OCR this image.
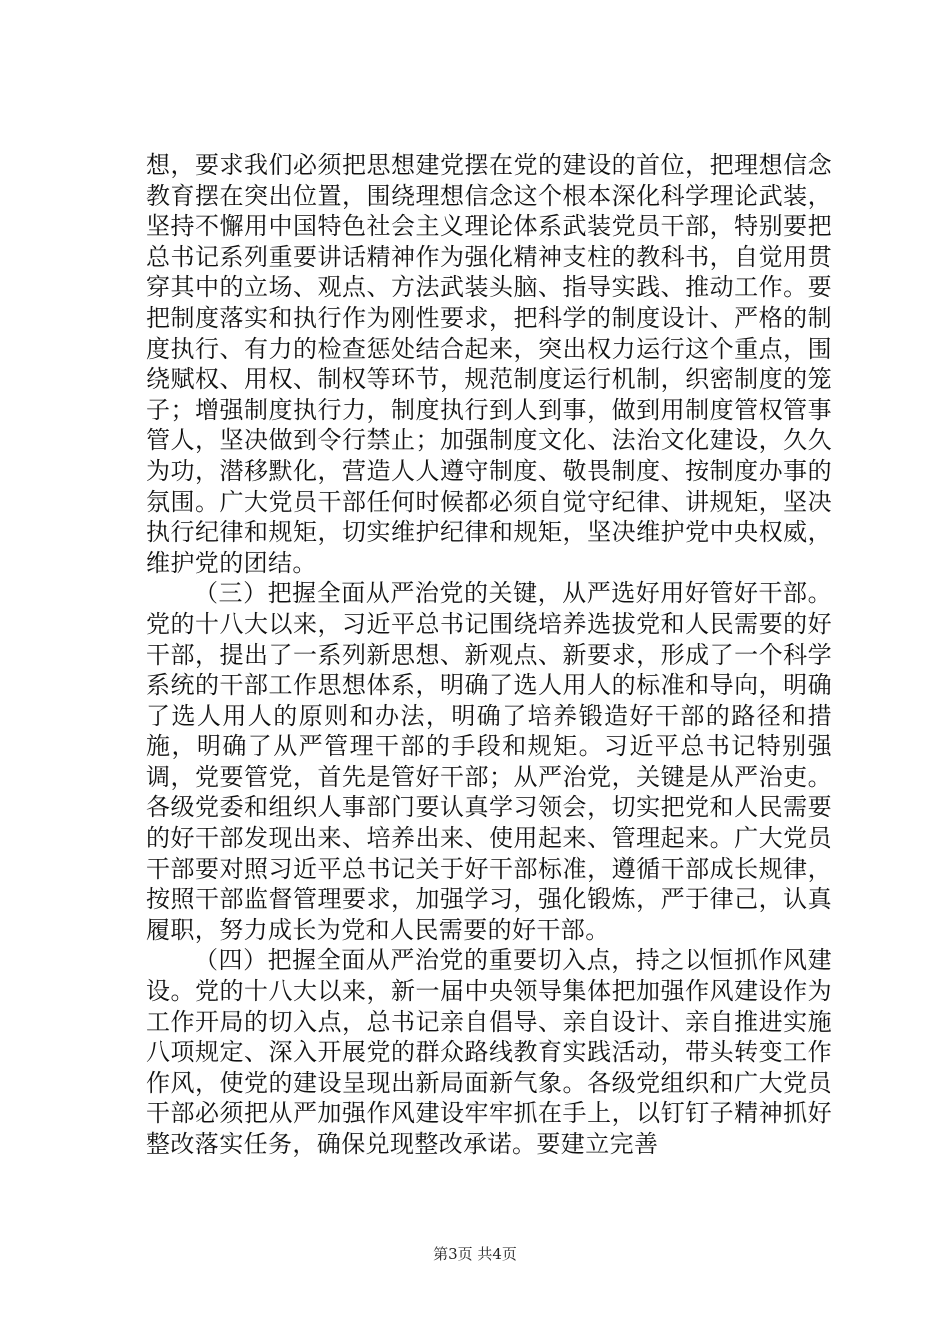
想，要求我们必须把思想建党摆在党的建设的首位，把理想信念教育摆在突出位置，围绕理想信念这个根本深化科学理论武装，坚持不懈用中国特色社会主义理论体系武装党员干部，特别要把总书记系列重要讲话精神作为强化精神支柱的教科书，自觉用贯穿其中的立场、观点、方法武装头脑、指导实践、推动工作。要把制度落实和执行作为刚性要求，把科学的制度设计、严格的制度执行、有力的检查惩处结合起来，突出权力运行这个重点，围绕赋权、用权、制权等环节，规范制度运行机制，织密制度的笼子；增强制度执行力，制度执行到人到事，做到用制度管权管事管人，坚决做到令行禁止；加强制度文化、法治文化建设，久久为功，潜移默化，营造人人遵守制度、敬畏制度、按制度办事的氛围。广大党员干部任何时候都必须自觉守纪律、讲规矩，坚决执行纪律和规矩，切实维护纪律和规矩，坚决维护党中央权威，维护党的团结。

（三）把握全面从严治党的关键，从严选好用好管好干部。党的十八大以来，习近平总书记围绕培养选拔党和人民需要的好干部，提出了一系列新思想、新观点、新要求，形成了一个科学系统的干部工作思想体系，明确了选人用人的标准和导向，明确了选人用人的原则和办法，明确了培养锻造好干部的路径和措施，明确了从严管理干部的手段和规矩。习近平总书记特别强调，党要管党，首先是管好干部；从严治党，关键是从严治吏。各级党委和组织人事部门要认真学习领会，切实把党和人民需要的好干部发现出来、培养出来、使用起来、管理起来。广大党员干部要对照习近平总书记关于好干部标准，遵循干部成长规律，按照干部监督管理要求，加强学习，强化锻炼，严于律己，认真履职，努力成长为党和人民需要的好干部。

（四）把握全面从严治党的重要切入点，持之以恒抓作风建设。党的十八大以来，新一届中央领导集体把加强作风建设作为工作开局的切入点，总书记亲自倡导、亲自设计、亲自推进实施八项规定、深入开展党的群众路线教育实践活动，带头转变工作作风，使党的建设呈现出新局面新气象。各级党组织和广大党员干部必须把从严加强作风建设牢牢抓在手上，以钉钉子精神抓好整改落实任务，确保兑现整改承诺。要建立完善

第3页 共4页
